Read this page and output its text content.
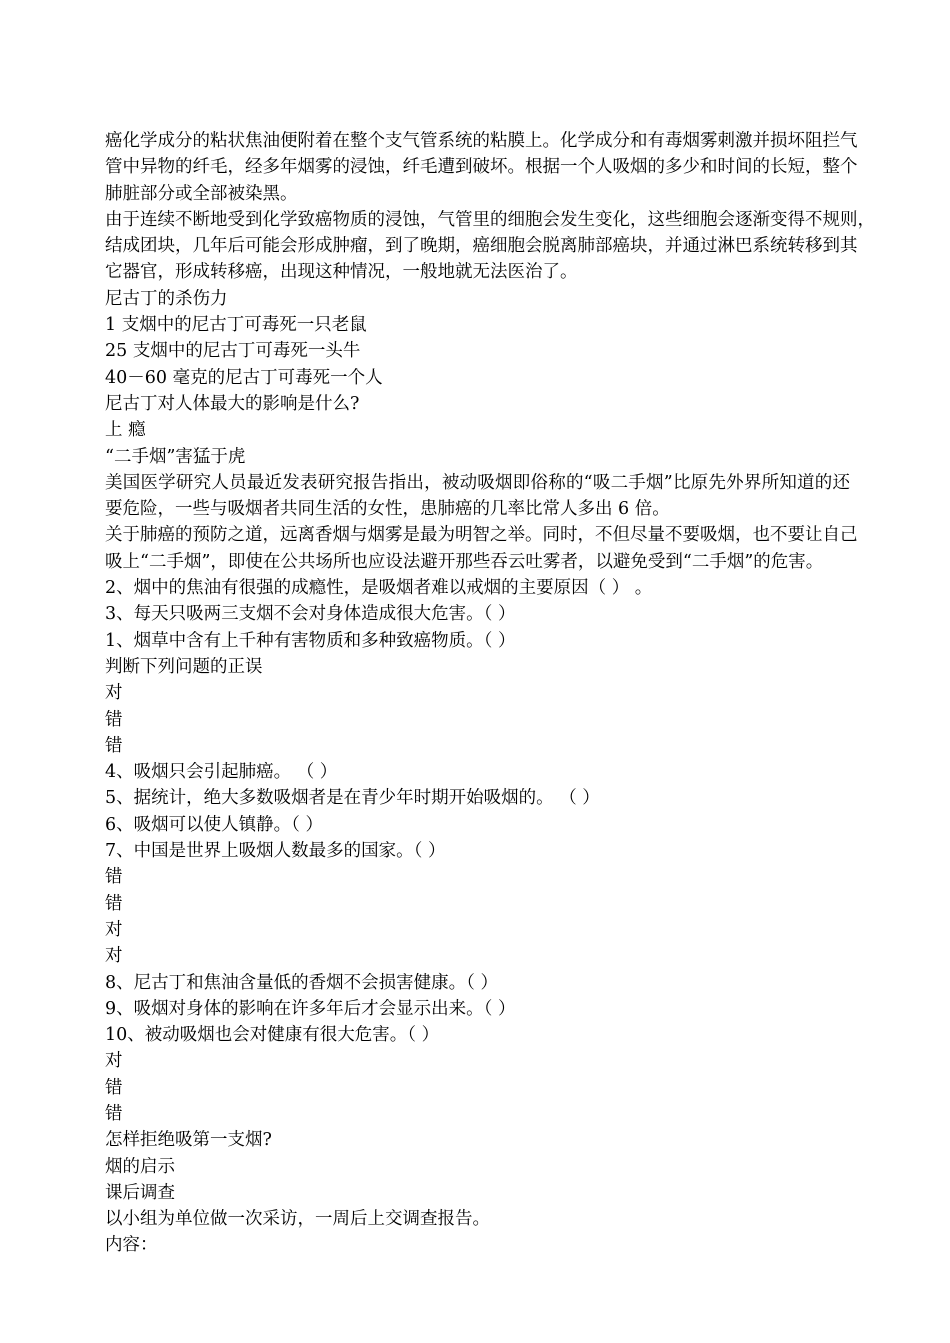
癌化学成分的粘状焦油便附着在整个支气管系统的粘膜上。化学成分和有毒烟雾刺激并损坏阻拦气
管中异物的纤毛，经多年烟雾的浸蚀，纤毛遭到破坏。根据一个人吸烟的多少和时间的长短，整个
肺脏部分或全部被染黑。
由于连续不断地受到化学致癌物质的浸蚀，气管里的细胞会发生变化，这些细胞会逐渐变得不规则，
结成团块，几年后可能会形成肿瘤，到了晚期，癌细胞会脱离肺部癌块，并通过淋巴系统转移到其
它器官，形成转移癌，出现这种情况，一般地就无法医治了。
尼古丁的杀伤力
1 支烟中的尼古丁可毒死一只老鼠
25 支烟中的尼古丁可毒死一头牛
40－60 毫克的尼古丁可毒死一个人
尼古丁对人体最大的影响是什么?
上 瘾
“二手烟”害猛于虎
美国医学研究人员最近发表研究报告指出，被动吸烟即俗称的“吸二手烟”比原先外界所知道的还
要危险，一些与吸烟者共同生活的女性，患肺癌的几率比常人多出 6 倍。
关于肺癌的预防之道，远离香烟与烟雾是最为明智之举。同时，不但尽量不要吸烟，也不要让自己
吸上“二手烟”，即使在公共场所也应设法避开那些吞云吐雾者，以避免受到“二手烟”的危害。
2、烟中的焦油有很强的成瘾性，是吸烟者难以戒烟的主要原因（ ） 。
3、每天只吸两三支烟不会对身体造成很大危害。（ ）
1、烟草中含有上千种有害物质和多种致癌物质。（ ）
判断下列问题的正误
对
错
错
4、吸烟只会引起肺癌。 （ ）
5、据统计，绝大多数吸烟者是在青少年时期开始吸烟的。 （ ）
6、吸烟可以使人镇静。（ ）
7、中国是世界上吸烟人数最多的国家。（ ）
错
错
对
对
8、尼古丁和焦油含量低的香烟不会损害健康。（ ）
9、吸烟对身体的影响在许多年后才会显示出来。（ ）
10、被动吸烟也会对健康有很大危害。（ ）
对
错
错
怎样拒绝吸第一支烟?
烟的启示
课后调查
以小组为单位做一次采访，一周后上交调查报告。
内容：
